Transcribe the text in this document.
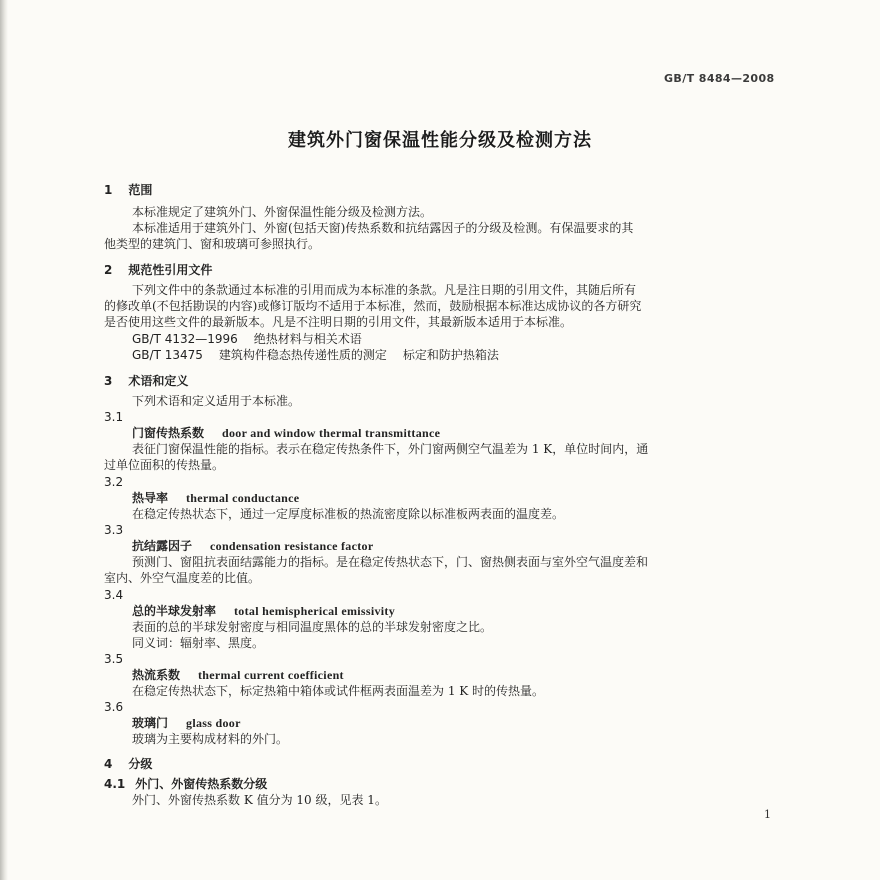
GB/T 8484—2008
建筑外门窗保温性能分级及检测方法
1 范围
本标准规定了建筑外门、外窗保温性能分级及检测方法。
本标准适用于建筑外门、外窗(包括天窗)传热系数和抗结露因子的分级及检测。有保温要求的其
他类型的建筑门、窗和玻璃可参照执行。
2 规范性引用文件
下列文件中的条款通过本标准的引用而成为本标准的条款。凡是注日期的引用文件，其随后所有
的修改单(不包括勘误的内容)或修订版均不适用于本标准，然而，鼓励根据本标准达成协议的各方研究
是否使用这些文件的最新版本。凡是不注明日期的引用文件，其最新版本适用于本标准。
GB/T 4132—1996 绝热材料与相关术语
GB/T 13475 建筑构件稳态热传递性质的测定 标定和防护热箱法
3 术语和定义
下列术语和定义适用于本标准。
3.1
门窗传热系数 door and window thermal transmittance
表征门窗保温性能的指标。表示在稳定传热条件下，外门窗两侧空气温差为 1 K，单位时间内，通
过单位面积的传热量。
3.2
热导率 thermal conductance
在稳定传热状态下，通过一定厚度标准板的热流密度除以标准板两表面的温度差。
3.3
抗结露因子 condensation resistance factor
预测门、窗阻抗表面结露能力的指标。是在稳定传热状态下，门、窗热侧表面与室外空气温度差和
室内、外空气温度差的比值。
3.4
总的半球发射率 total hemispherical emissivity
表面的总的半球发射密度与相同温度黑体的总的半球发射密度之比。
同义词：辐射率、黑度。
3.5
热流系数 thermal current coefficient
在稳定传热状态下，标定热箱中箱体或试件框两表面温差为 1 K 时的传热量。
3.6
玻璃门 glass door
玻璃为主要构成材料的外门。
4 分级
4.1 外门、外窗传热系数分级
外门、外窗传热系数 K 值分为 10 级，见表 1。
1
